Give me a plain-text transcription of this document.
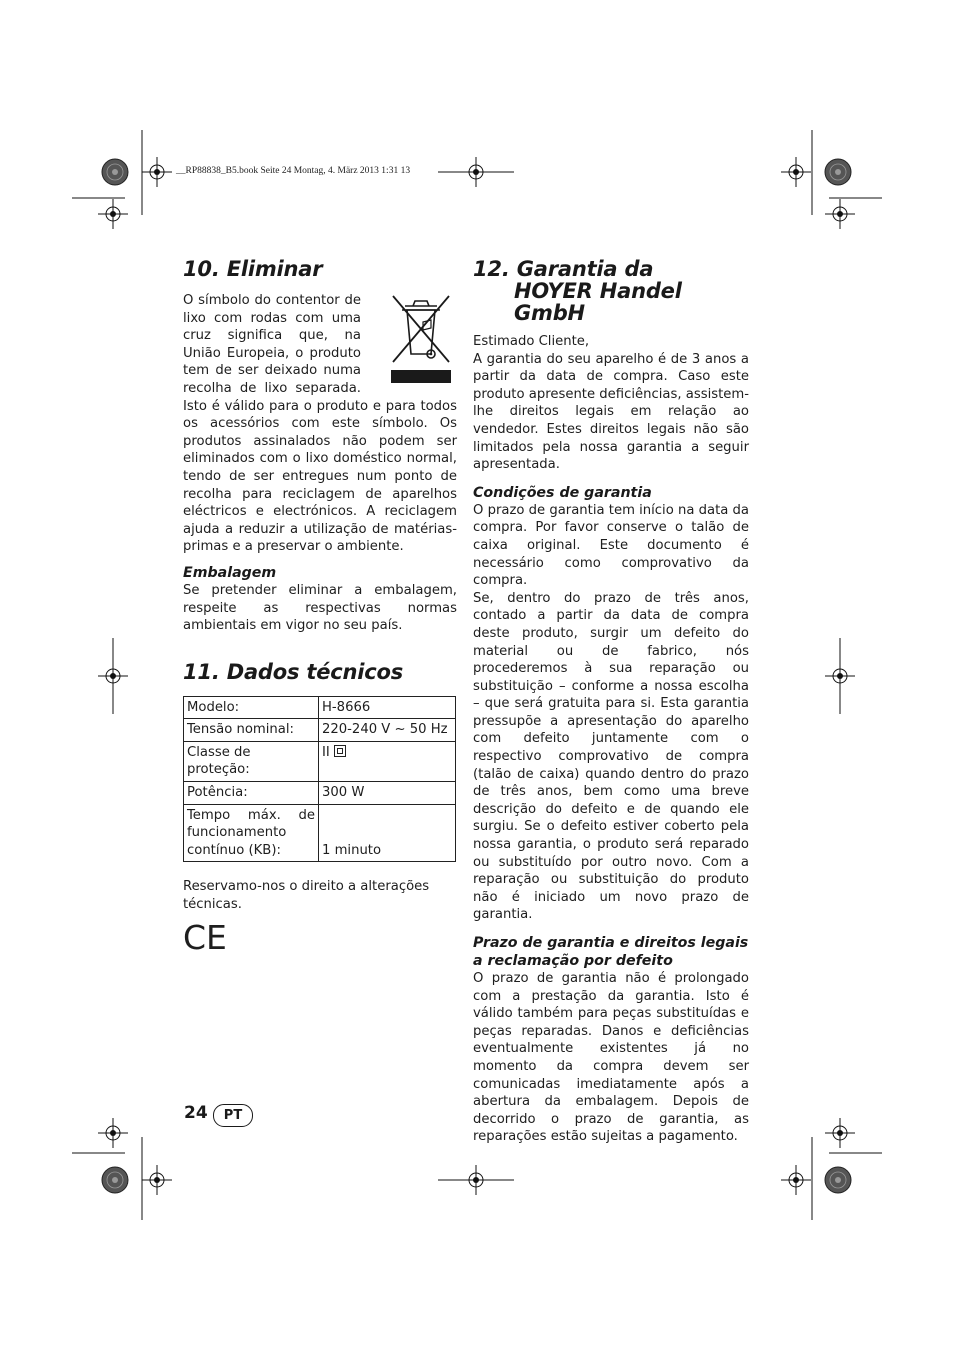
__RP88838_B5.book Seite 24 Montag, 4. März 2013 1:31 13
10. Eliminar

O símbolo do contentor de lixo com rodas com uma cruz significa que, na União Europeia, o produto tem de ser deixado numa recolha de lixo separada. Isto é válido para o produto e para todos os acessórios com este símbolo. Os produtos assinalados não podem ser eliminados com o lixo doméstico normal, tendo de ser entregues num ponto de recolha para reciclagem de aparelhos eléctricos e electrónicos. A reciclagem ajuda a reduzir a utilização de matérias-primas e a preservar o ambiente.

Embalagem

Se pretender eliminar a embalagem, respeite as respectivas normas ambientais em vigor no seu país.

11. Dados técnicos
Modelo:	H-8666
Tensão nominal:	220-240 V ~ 50 Hz
Classe de proteção:	II
Potência:	300 W
Tempo máx. de funcionamento contínuo (KB):	1 minuto

Reservamo-nos o direito a alterações técnicas.

CE
12. Garantia da
HOYER Handel GmbH

Estimado Cliente,

A garantia do seu aparelho é de 3 anos a partir da data de compra. Caso este produto apresente deficiências, assistem-lhe direitos legais em relação ao vendedor. Estes direitos legais não são limitados pela nossa garantia a seguir apresentada.

Condições de garantia

O prazo de garantia tem início na data da compra. Por favor conserve o talão de caixa original. Este documento é necessário como comprovativo da compra.

Se, dentro do prazo de três anos, contado a partir da data de compra deste produto, surgir um defeito do material ou de fabrico, nós procederemos à sua reparação ou substituição – conforme a nossa escolha – que será gratuita para si. Esta garantia pressupõe a apresentação do aparelho com defeito juntamente com o respectivo comprovativo de compra (talão de caixa) quando dentro do prazo de três anos, bem como uma breve descrição do defeito e de quando ele surgiu. Se o defeito estiver coberto pela nossa garantia, o produto será reparado ou substituído por outro novo. Com a reparação ou substituição do produto não é iniciado um novo prazo de garantia.

Prazo de garantia e direitos legais a reclamação por defeito

O prazo de garantia não é prolongado com a prestação da garantia. Isto é válido também para peças substituídas e peças reparadas. Danos e deficiências eventualmente existentes já no momento da compra devem ser comunicadas imediatamente após a abertura da embalagem. Depois de decorrido o prazo de garantia, as reparações estão sujeitas a pagamento.

24	PT
